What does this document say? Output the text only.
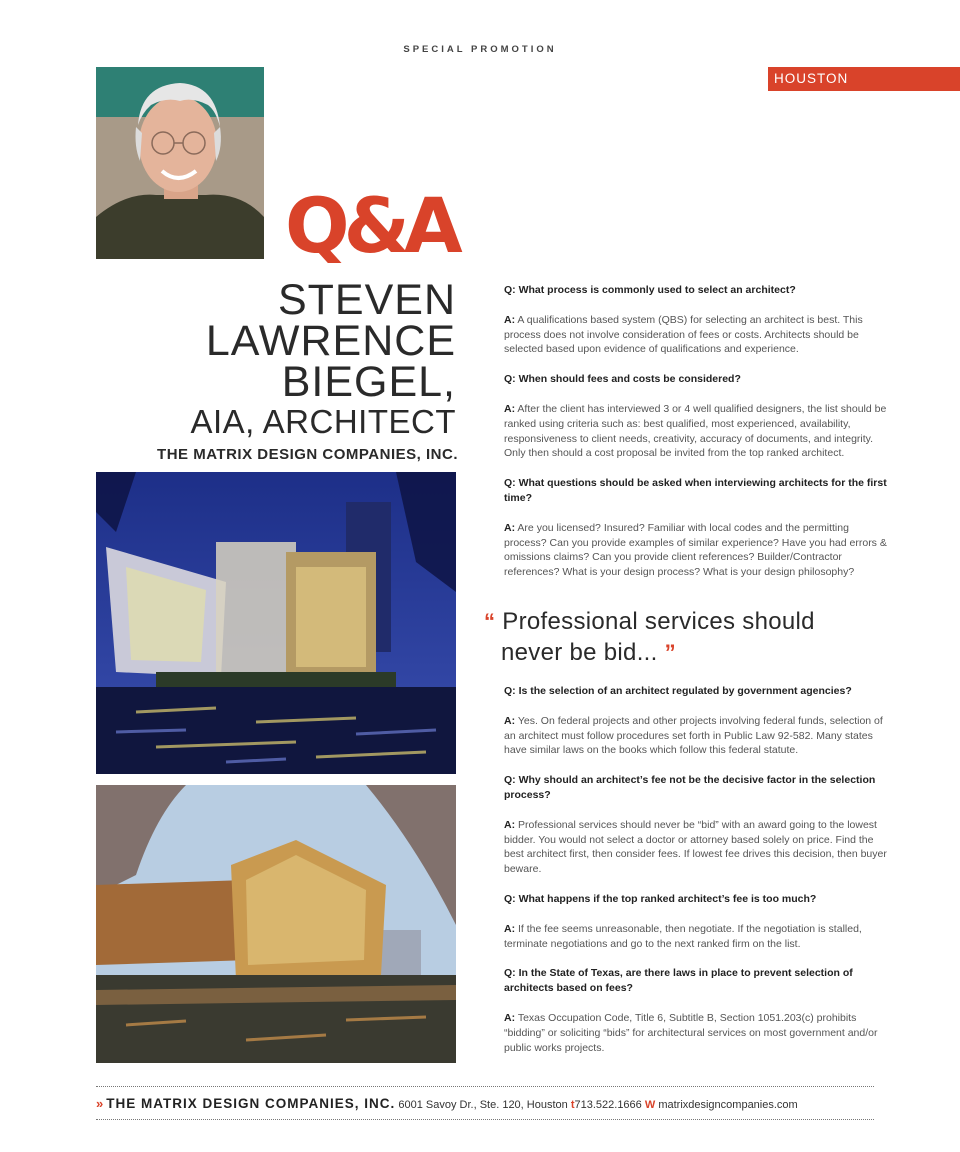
SPECIAL PROMOTION
HOUSTON
Q&A
STEVEN
LAWRENCE
BIEGEL,
AIA, ARCHITECT
THE MATRIX DESIGN COMPANIES, INC.

Q: What process is commonly used to select an architect?

A: A qualifications based system (QBS) for selecting an architect is best. This process does not involve consideration of fees or costs. Architects should be selected based upon evidence of qualifications and experience.

Q: When should fees and costs be considered?

A: After the client has interviewed 3 or 4 well qualified designers, the list should be ranked using criteria such as: best qualified, most experienced, availability, responsiveness to client needs, creativity, accuracy of documents, and integrity. Only then should a cost proposal be invited from the top ranked architect.

Q: What questions should be asked when interviewing architects for the first time?

A: Are you licensed? Insured? Familiar with local codes and the permitting process? Can you provide examples of similar experience? Have you had errors & omissions claims? Can you provide client references? Builder/Contractor references? What is your design process? What is your design philosophy?

“ Professional services should
never be bid... ”

Q: Is the selection of an architect regulated by government agencies?

A: Yes. On federal projects and other projects involving federal funds, selection of an architect must follow procedures set forth in Public Law 92-582. Many states have similar laws on the books which follow this federal statute.

Q: Why should an architect’s fee not be the decisive factor in the selection process?

A: Professional services should never be “bid” with an award going to the lowest bidder. You would not select a doctor or attorney based solely on price. Find the best architect first, then consider fees. If lowest fee drives this decision, then buyer beware.

Q: What happens if the top ranked architect’s fee is too much?

A: If the fee seems unreasonable, then negotiate. If the negotiation is stalled, terminate negotiations and go to the next ranked firm on the list.

Q: In the State of Texas, are there laws in place to prevent selection of architects based on fees?

A: Texas Occupation Code, Title 6, Subtitle B, Section 1051.203(c) prohibits “bidding” or soliciting “bids” for architectural services on most government and/or public works projects.

» THE MATRIX DESIGN COMPANIES, INC. 6001 Savoy Dr., Ste. 120, Houston t713.522.1666 W matrixdesigncompanies.com
